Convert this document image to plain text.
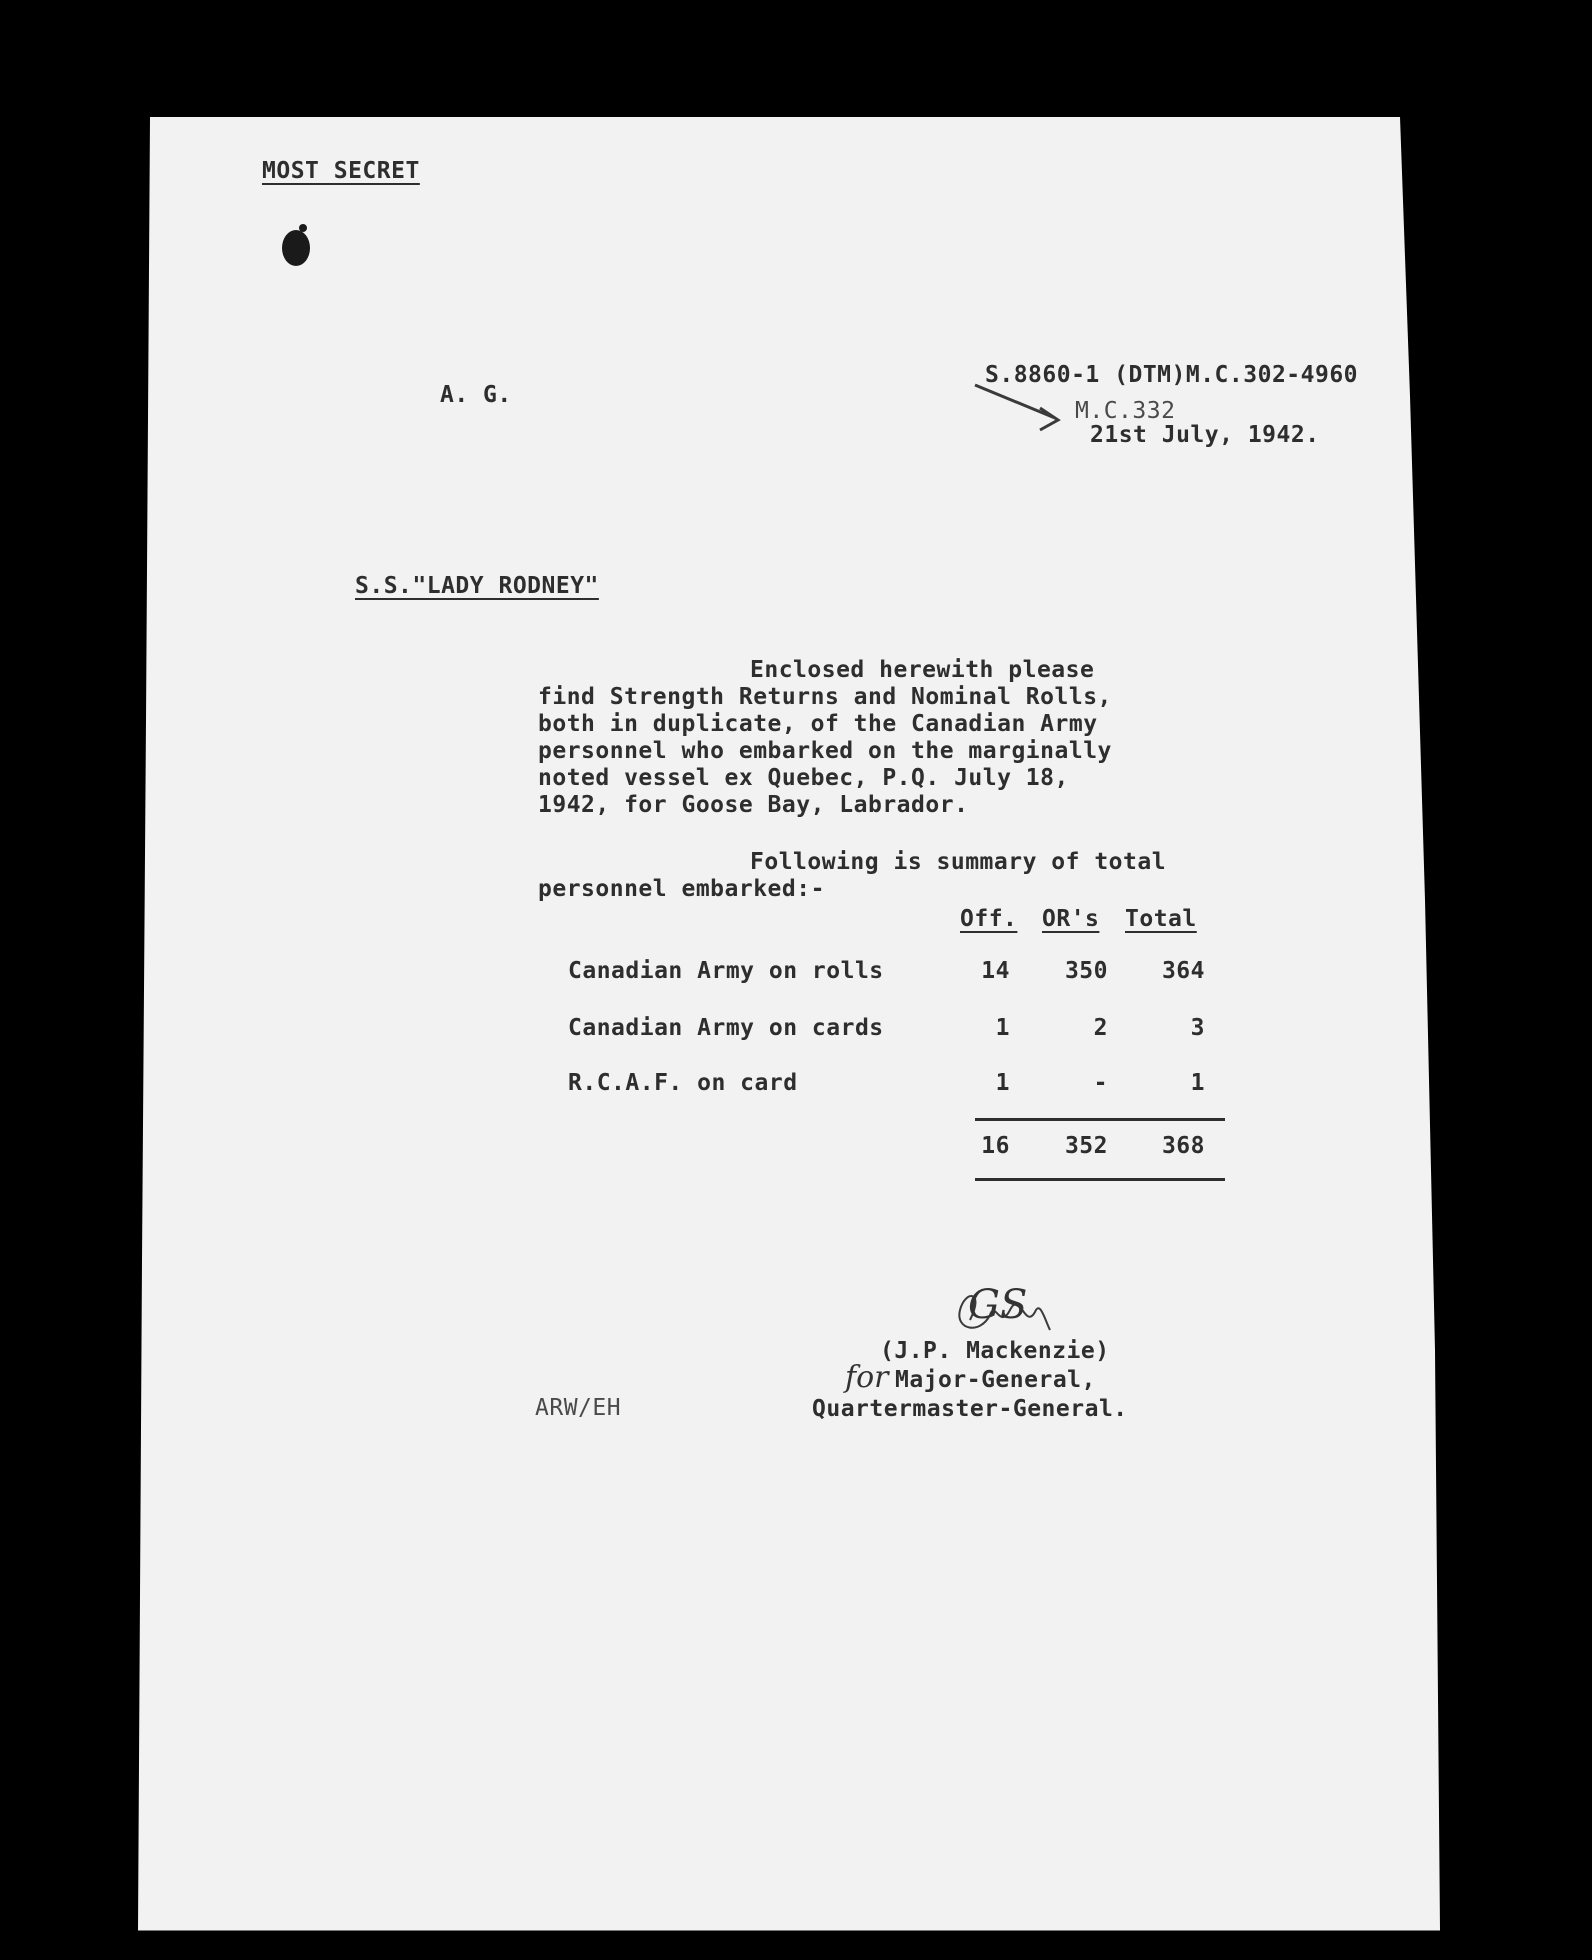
MOST SECRET
A. G.
S.8860-1 (DTM)M.C.302-4960
M.C.332
21st July, 1942.
S.S."LADY RODNEY"
Enclosed herewith please
find Strength Returns and Nominal Rolls,
both in duplicate, of the Canadian Army
personnel who embarked on the marginally
noted vessel ex Quebec, P.Q. July 18,
1942, for Goose Bay, Labrador.
Following is summary of total
personnel embarked:-
Off. OR's Total
Canadian Army on rolls	14	350	364
Canadian Army on cards	1	2	3
R.C.A.F. on card	1	-	1
16	352	368
GS
(J.P. Mackenzie)
for Major-General,
Quartermaster-General.
ARW/EH
